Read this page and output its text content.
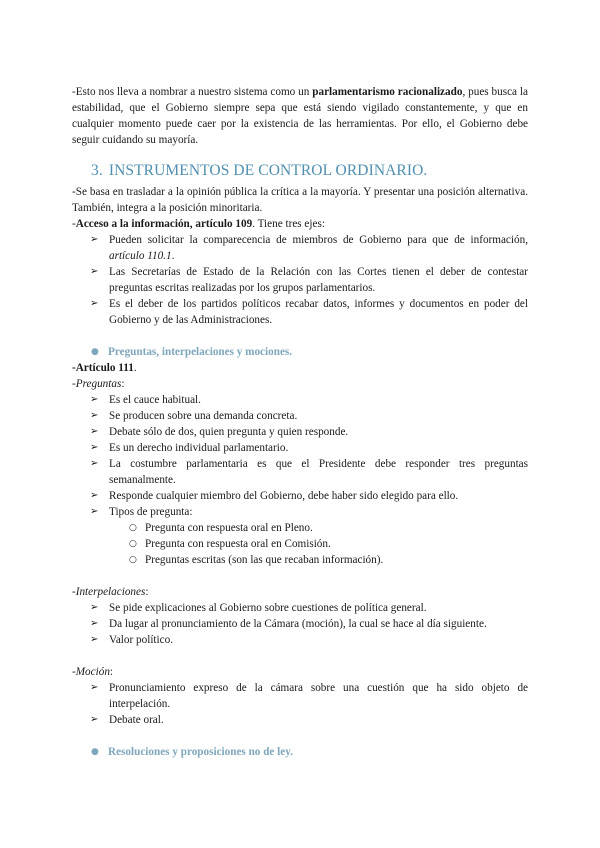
-Esto nos lleva a nombrar a nuestro sistema como un parlamentarismo racionalizado, pues busca la estabilidad, que el Gobierno siempre sepa que está siendo vigilado constantemente, y que en cualquier momento puede caer por la existencia de las herramientas. Por ello, el Gobierno debe seguir cuidando su mayoría.

3. INSTRUMENTOS DE CONTROL ORDINARIO.

-Se basa en trasladar a la opinión pública la crítica a la mayoría. Y presentar una posición alternativa. También, integra a la posición minoritaria.

-Acceso a la información, artículo 109. Tiene tres ejes:

➢ Pueden solicitar la comparecencia de miembros de Gobierno para que de información, artículo 110.1.
➢ Las Secretarías de Estado de la Relación con las Cortes tienen el deber de contestar preguntas escritas realizadas por los grupos parlamentarios.
➢ Es el deber de los partidos políticos recabar datos, informes y documentos en poder del Gobierno y de las Administraciones.
● Preguntas, interpelaciones y mociones.

-Artículo 111.

-Preguntas:

➢ Es el cauce habitual.
➢ Se producen sobre una demanda concreta.
➢ Debate sólo de dos, quien pregunta y quien responde.
➢ Es un derecho individual parlamentario.
➢ La costumbre parlamentaria es que el Presidente debe responder tres preguntas semanalmente.
➢ Responde cualquier miembro del Gobierno, debe haber sido elegido para ello.
➢ Tipos de pregunta:
○ Pregunta con respuesta oral en Pleno.
○ Pregunta con respuesta oral en Comisión.
○ Preguntas escritas (son las que recaban información).

-Interpelaciones:

➢ Se pide explicaciones al Gobierno sobre cuestiones de política general.
➢ Da lugar al pronunciamiento de la Cámara (moción), la cual se hace al día siguiente.
➢ Valor político.

-Moción:

➢ Pronunciamiento expreso de la cámara sobre una cuestión que ha sido objeto de interpelación.
➢ Debate oral.
● Resoluciones y proposiciones no de ley.
